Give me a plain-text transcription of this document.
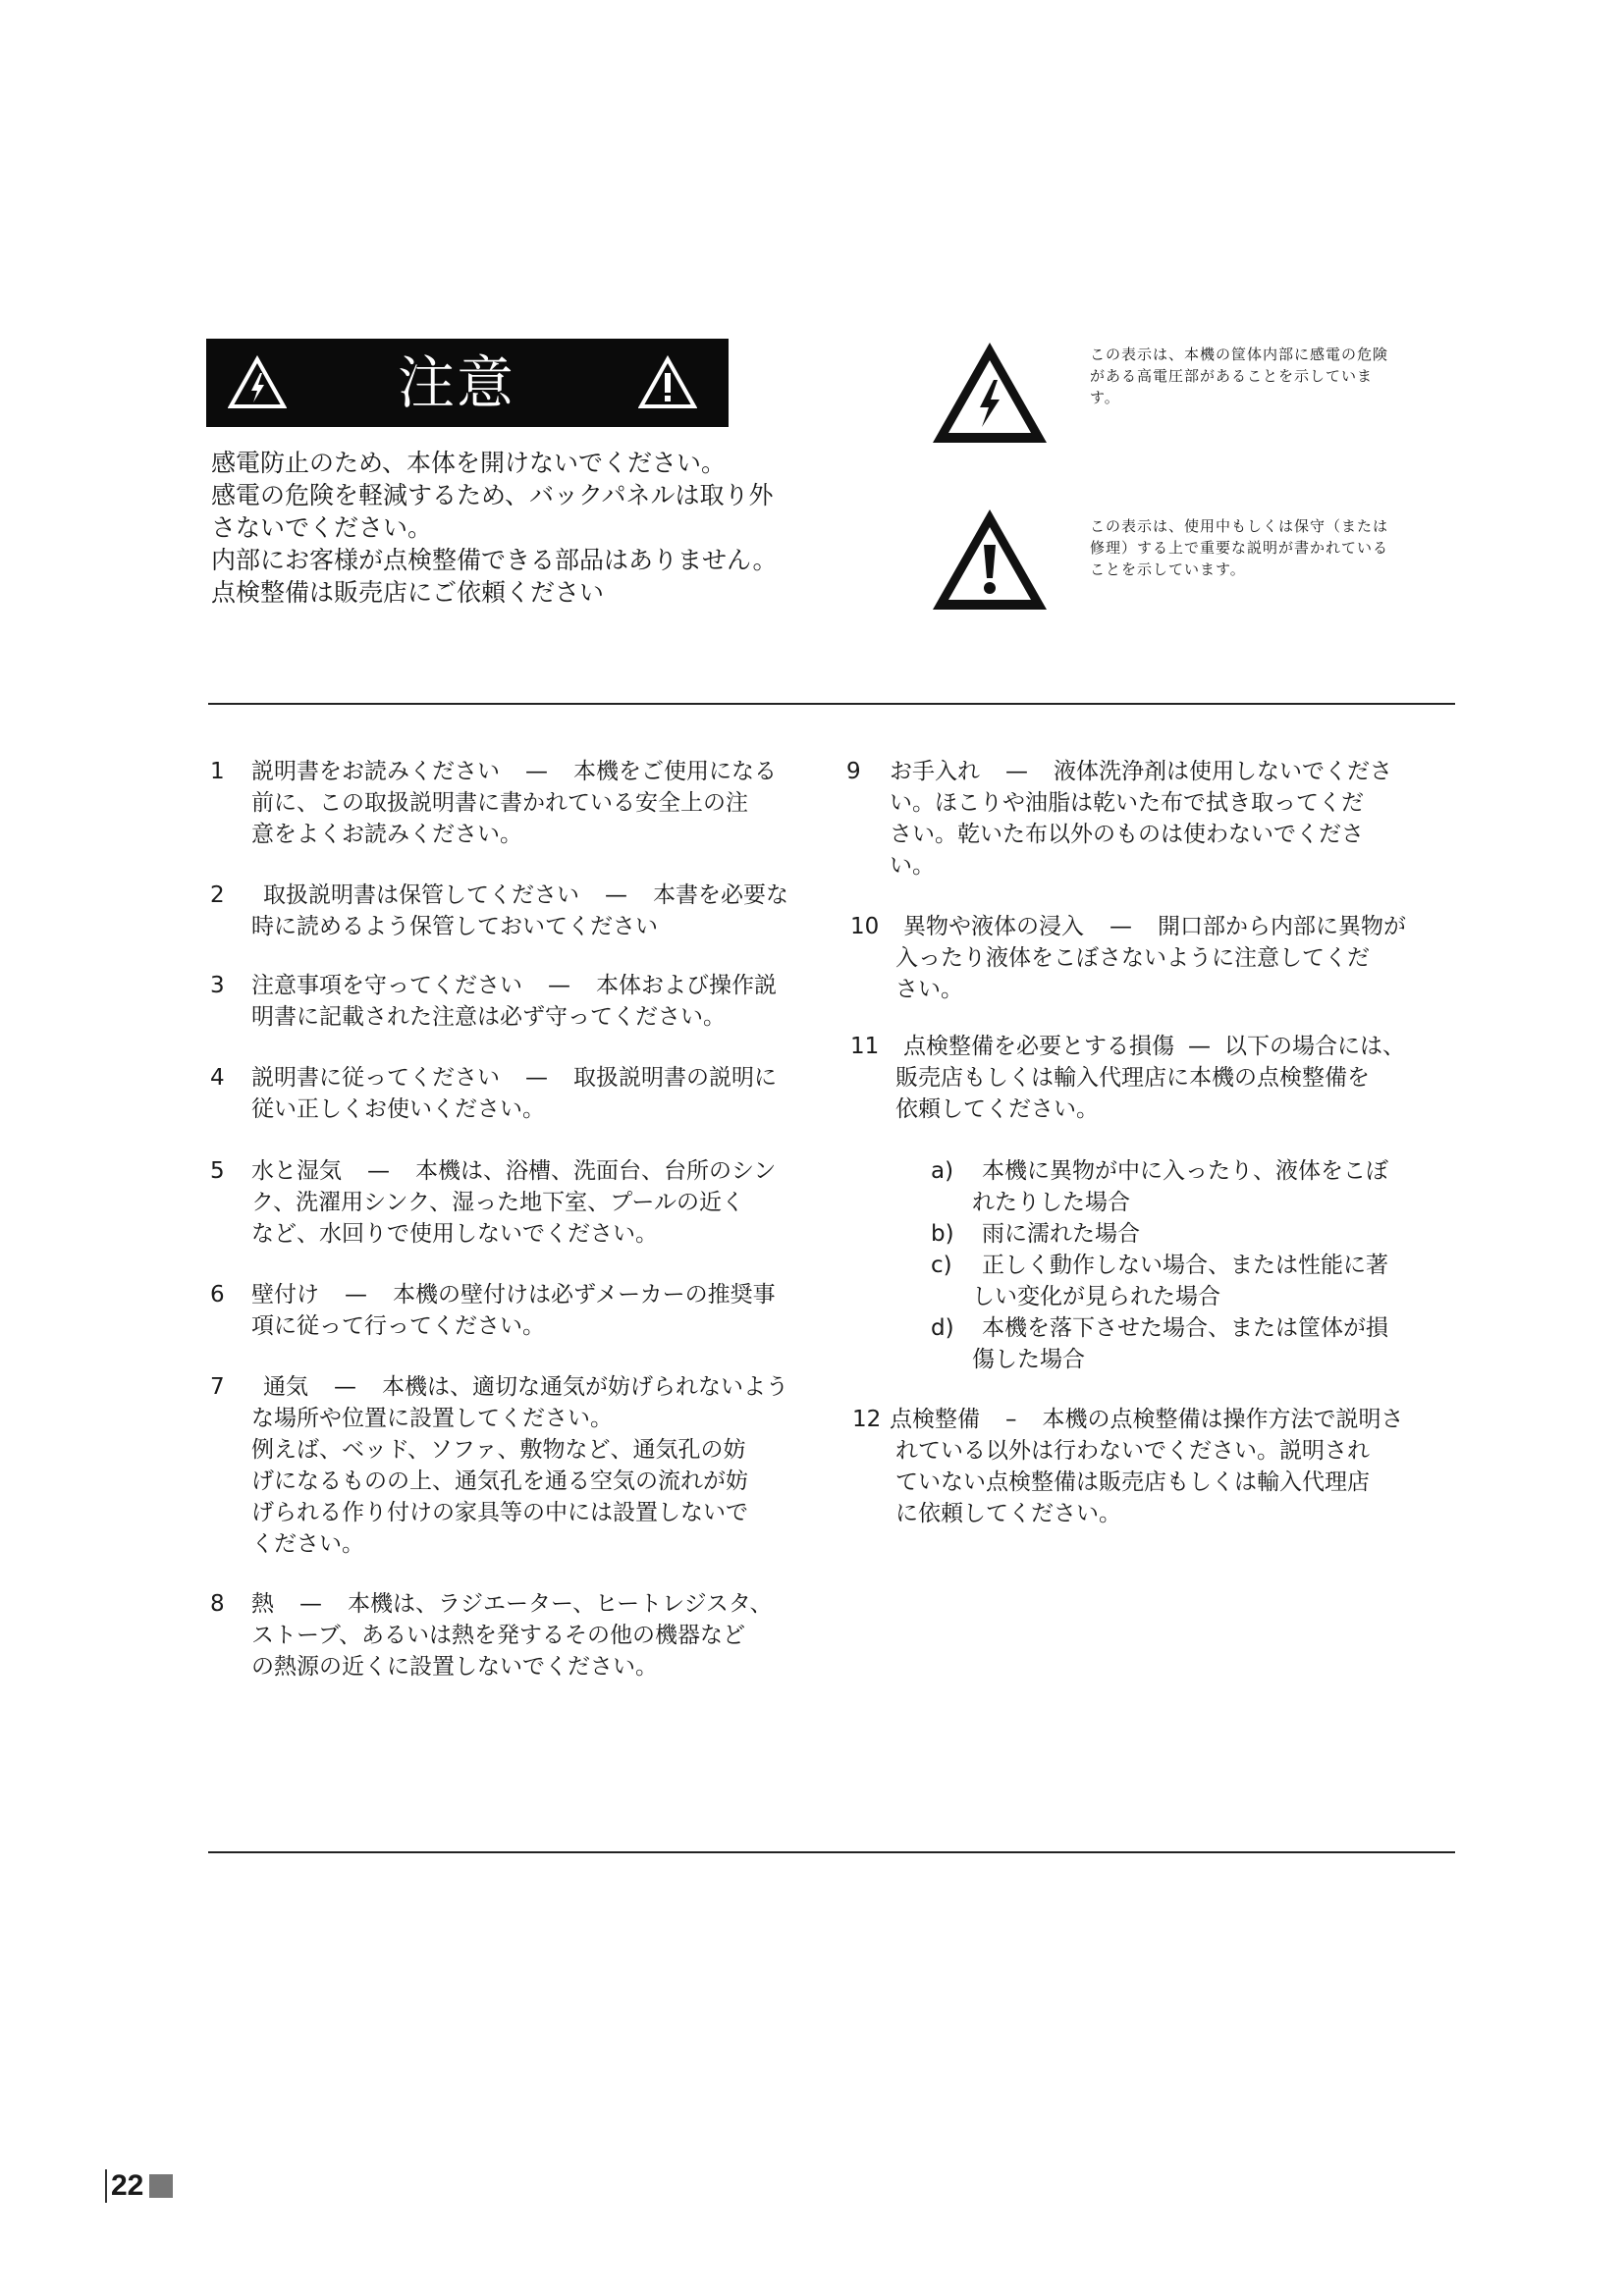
注意
感電防止のため、本体を開けないでください。
感電の危険を軽減するため、バックパネルは取り外
さないでください。
内部にお客様が点検整備できる部品はありません。
点検整備は販売店にご依頼ください
この表示は、本機の筐体内部に感電の危険
がある高電圧部があることを示していま
す。
この表示は、使用中もしくは保守（または
修理）する上で重要な説明が書かれている
ことを示しています。
1 説明書をお読みください — 本機をご使用になる
前に、この取扱説明書に書かれている安全上の注
意をよくお読みください。
2 取扱説明書は保管してください — 本書を必要な
時に読めるよう保管しておいてください
3 注意事項を守ってください — 本体および操作説
明書に記載された注意は必ず守ってください。
4 説明書に従ってください — 取扱説明書の説明に
従い正しくお使いください。
5 水と湿気 — 本機は、浴槽、洗面台、台所のシン
ク、洗濯用シンク、湿った地下室、プールの近く
など、水回りで使用しないでください。
6 壁付け — 本機の壁付けは必ずメーカーの推奨事
項に従って行ってください。
7 通気 — 本機は、適切な通気が妨げられないよう
な場所や位置に設置してください。
例えば、ベッド、ソファ、敷物など、通気孔の妨
げになるものの上、通気孔を通る空気の流れが妨
げられる作り付けの家具等の中には設置しないで
ください。
8 熱 — 本機は、ラジエーター、ヒートレジスタ、
ストーブ、あるいは熱を発するその他の機器など
の熱源の近くに設置しないでください。
9 お手入れ — 液体洗浄剤は使用しないでくださ
い。ほこりや油脂は乾いた布で拭き取ってくだ
さい。乾いた布以外のものは使わないでくださ
い。
10 異物や液体の浸入 — 開口部から内部に異物が
入ったり液体をこぼさないように注意してくだ
さい。
11 点検整備を必要とする損傷 — 以下の場合には、
販売店もしくは輸入代理店に本機の点検整備を
依頼してください。
a) 本機に異物が中に入ったり、液体をこぼ
れたりした場合
b) 雨に濡れた場合
c) 正しく動作しない場合、または性能に著
しい変化が見られた場合
d) 本機を落下させた場合、または筐体が損
傷した場合
12 点検整備 – 本機の点検整備は操作方法で説明さ
れている以外は行わないでください。説明され
ていない点検整備は販売店もしくは輸入代理店
に依頼してください。
22
